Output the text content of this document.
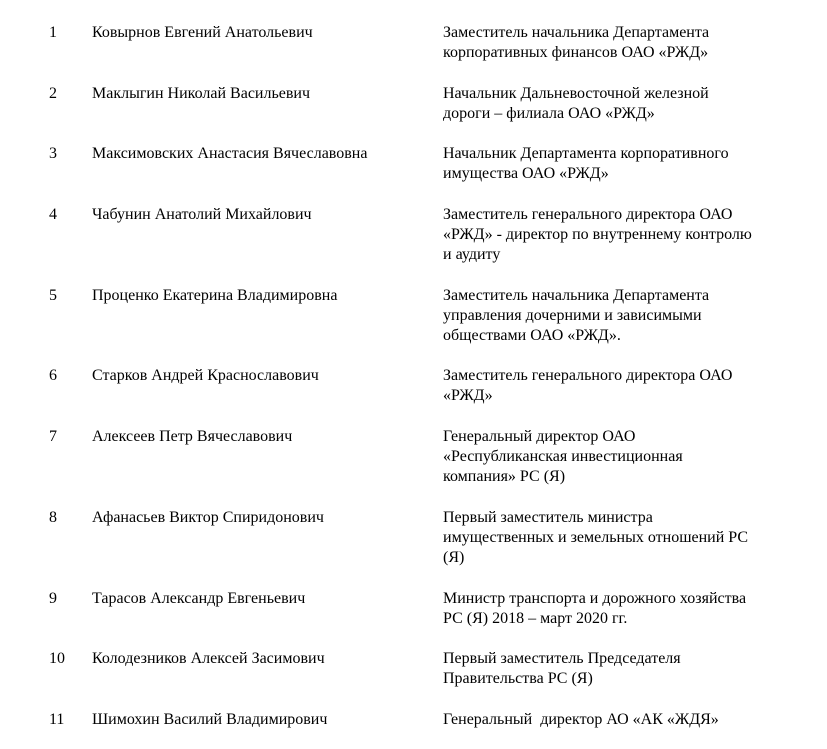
1 Ковырнов Евгений Анатольевич	Заместитель начальника Департамента
корпоративных финансов ОАО «РЖД»
2 Маклыгин Николай Васильевич	Начальник Дальневосточной железной
дороги – филиала ОАО «РЖД»
3 Максимовских Анастасия Вячеславовна	Начальник Департамента корпоративного
имущества ОАО «РЖД»
4 Чабунин Анатолий Михайлович	Заместитель генерального директора ОАО
«РЖД» - директор по внутреннему контролю
и аудиту
5 Проценко Екатерина Владимировна	Заместитель начальника Департамента
управления дочерними и зависимыми
обществами ОАО «РЖД».
6 Старков Андрей Краснославович	Заместитель генерального директора ОАО
«РЖД»
7 Алексеев Петр Вячеславович	Генеральный директор ОАО
«Республиканская инвестиционная
компания» РС (Я)
8 Афанасьев Виктор Спиридонович	Первый заместитель министра
имущественных и земельных отношений РС
(Я)
9 Тарасов Александр Евгеньевич	Министр транспорта и дорожного хозяйства
РС (Я) 2018 – март 2020 гг.
10 Колодезников Алексей Засимович	Первый заместитель Председателя
Правительства РС (Я)
11 Шимохин Василий Владимирович	Генеральный  директор АО «АК «ЖДЯ»
